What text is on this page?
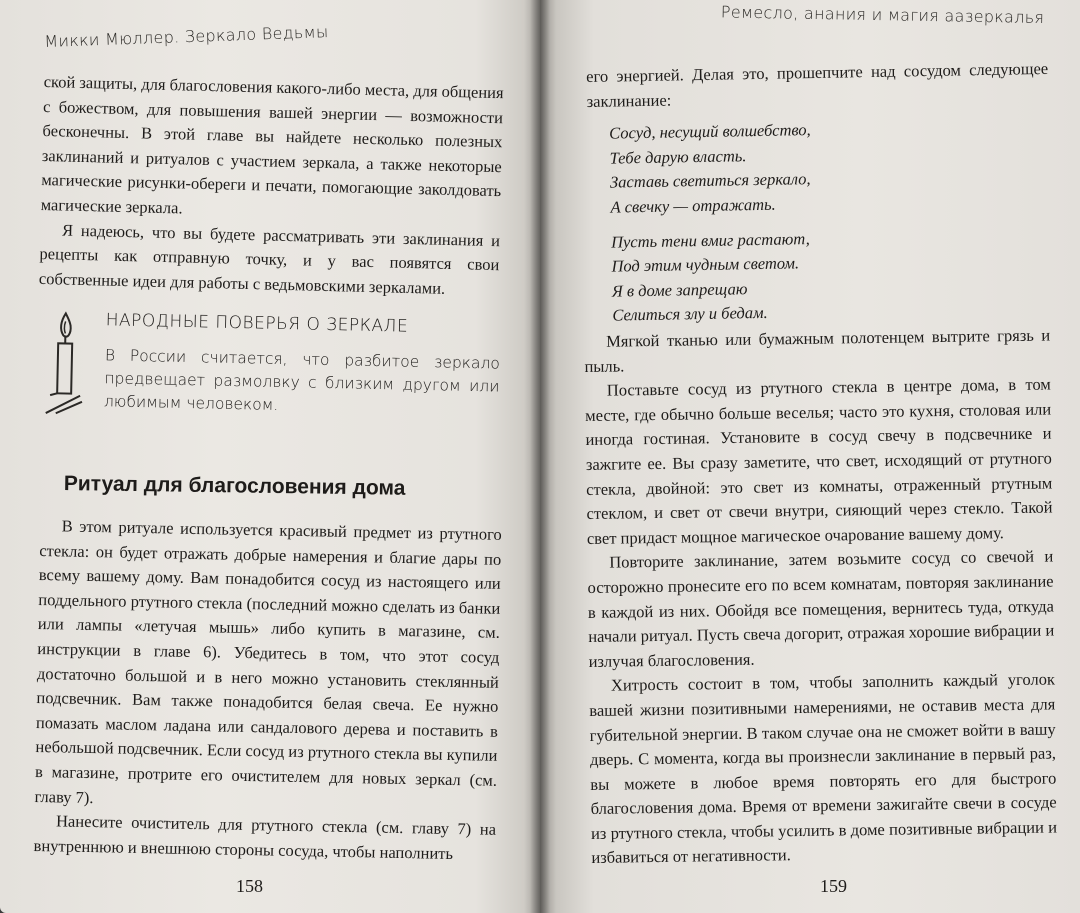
Микки Мюллер. Зеркало Ведьмы

ской защиты, для благословения какого-либо места, для общения с божеством, для повышения вашей энергии — возможности бесконечны. В этой главе вы найдете несколько полезных заклинаний и ритуалов с участием зеркала, а также некоторые магические рисунки-обереги и печати, помогающие заколдовать магические зеркала.

Я надеюсь, что вы будете рассматривать эти заклинания и рецепты как отправную точку, и у вас появятся свои собственные идеи для работы с ведьмовскими зеркалами.

НАРОДНЫЕ ПОВЕРЬЯ О ЗЕРКАЛЕ
В России считается, что разбитое зеркало предвещает размолвку с близким другом или любимым человеком.
Ритуал для благословения дома

В этом ритуале используется красивый предмет из ртутного стекла: он будет отражать добрые намерения и благие дары по всему вашему дому. Вам понадобится сосуд из настоящего или поддельного ртутного стекла (последний можно сделать из банки или лампы «летучая мышь» либо купить в магазине, см. инструкции в главе 6). Убедитесь в том, что этот сосуд достаточно большой и в него можно установить стеклянный подсвечник. Вам также понадобится белая свеча. Ее нужно помазать маслом ладана или сандалового дерева и поставить в небольшой подсвечник. Если сосуд из ртутного стекла вы купили в магазине, протрите его очистителем для новых зеркал (см. главу 7).

Нанесите очиститель для ртутного стекла (см. главу 7) на внутреннюю и внешнюю стороны сосуда, чтобы наполнить

158
Ремесло, анания и магия аазеркалья

его энергией. Делая это, прошепчите над сосудом следующее заклинание:

Сосуд, несущий волшебство,
Тебе дарую власть.
Заставь светиться зеркало,
А свечку — отражать.
Пусть тени вмиг растают,
Под этим чудным светом.
Я в доме запрещаю
Селиться злу и бедам.

Мягкой тканью или бумажным полотенцем вытрите грязь и пыль.

Поставьте сосуд из ртутного стекла в центре дома, в том месте, где обычно больше веселья; часто это кухня, столовая или иногда гостиная. Установите в сосуд свечу в подсвечнике и зажгите ее. Вы сразу заметите, что свет, исходящий от ртутного стекла, двойной: это свет из комнаты, отраженный ртутным стеклом, и свет от свечи внутри, сияющий через стекло. Такой свет придаст мощное магическое очарование вашему дому.

Повторите заклинание, затем возьмите сосуд со свечой и осторожно пронесите его по всем комнатам, повторяя заклинание в каждой из них. Обойдя все помещения, вернитесь туда, откуда начали ритуал. Пусть свеча догорит, отражая хорошие вибрации и излучая благословения.

Хитрость состоит в том, чтобы заполнить каждый уголок вашей жизни позитивными намерениями, не оставив места для губительной энергии. В таком случае она не сможет войти в вашу дверь. С момента, когда вы произнесли заклинание в первый раз, вы можете в любое время повторять его для быстрого благословения дома. Время от времени зажигайте свечи в сосуде из ртутного стекла, чтобы усилить в доме позитивные вибрации и избавиться от негативности.

159
